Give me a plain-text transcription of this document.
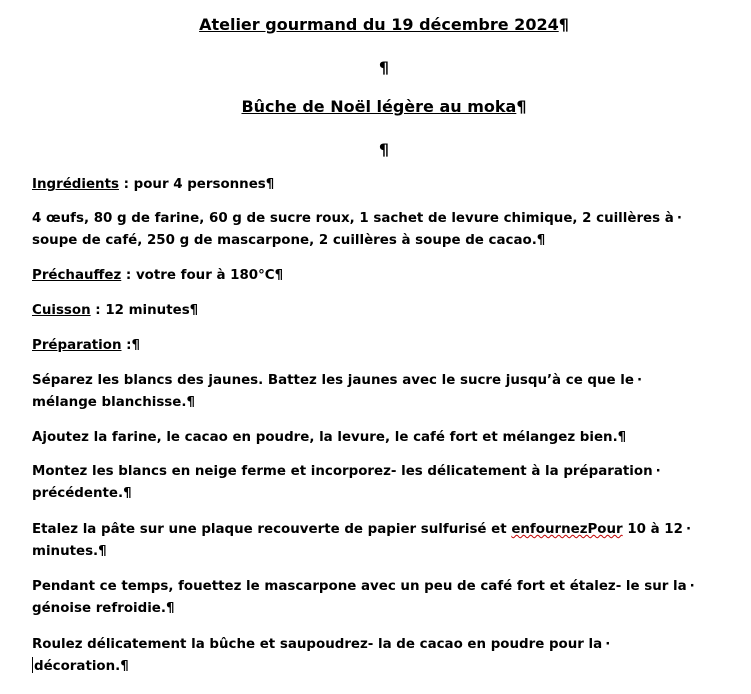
Atelier gourmand du 19 décembre 2024¶
¶
Bûche de Noël légère au moka¶
¶
Ingrédients : pour 4 personnes¶
4 œufs, 80 g de farine, 60 g de sucre roux, 1 sachet de levure chimique, 2 cuillères à ·
soupe de café, 250 g de mascarpone, 2 cuillères à soupe de cacao.¶
Préchauffez : votre four à 180°C¶
Cuisson : 12 minutes¶
Préparation :¶
Séparez les blancs des jaunes. Battez les jaunes avec le sucre jusqu’à ce que le ·
mélange blanchisse.¶
Ajoutez la farine, le cacao en poudre, la levure, le café fort et mélangez bien.¶
Montez les blancs en neige ferme et incorporez- les délicatement à la préparation ·
précédente.¶
Etalez la pâte sur une plaque recouverte de papier sulfurisé et enfournezPour 10 à 12 ·
minutes.¶
Pendant ce temps, fouettez le mascarpone avec un peu de café fort et étalez- le sur la ·
génoise refroidie.¶
Roulez délicatement la bûche et saupoudrez- la de cacao en poudre pour la ·
décoration.¶
